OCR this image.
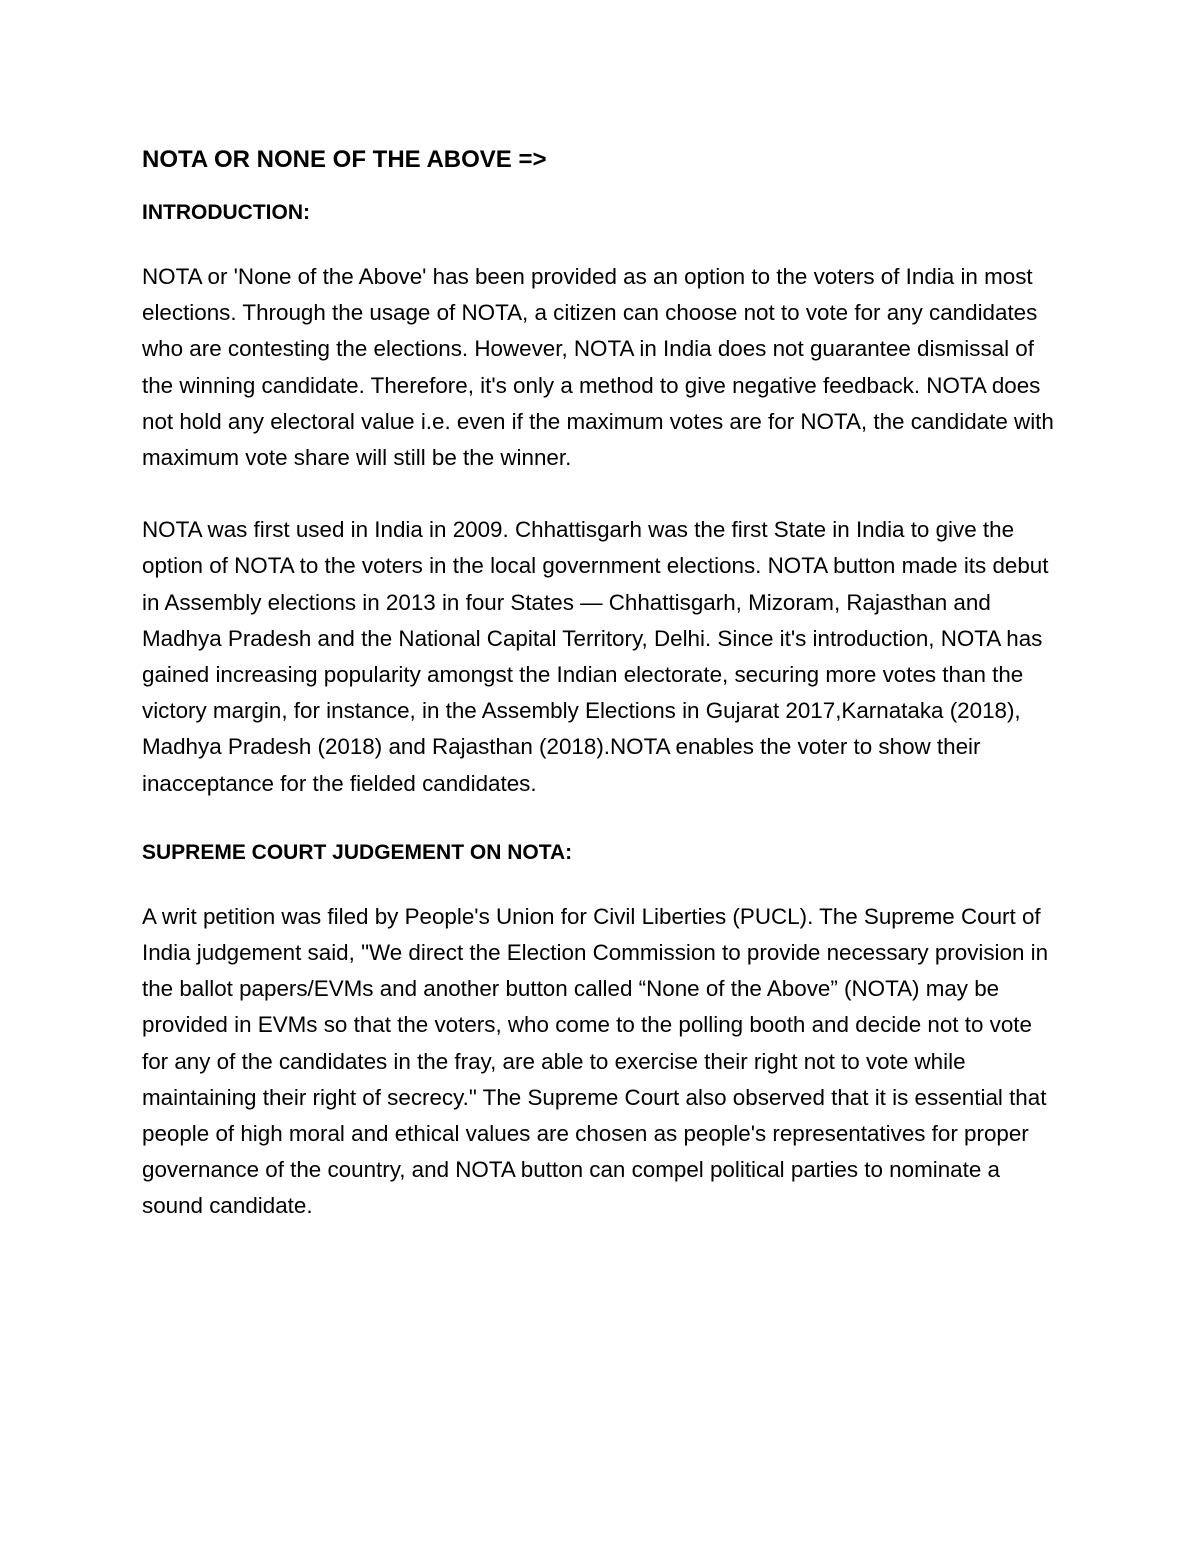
NOTA OR NONE OF THE ABOVE =>
INTRODUCTION:

NOTA or 'None of the Above' has been provided as an option to the voters of India in most elections. Through the usage of NOTA, a citizen can choose not to vote for any candidates who are contesting the elections. However, NOTA in India does not guarantee dismissal of the winning candidate. Therefore, it's only a method to give negative feedback. NOTA does not hold any electoral value i.e. even if the maximum votes are for NOTA, the candidate with maximum vote share will still be the winner.

NOTA was first used in India in 2009. Chhattisgarh was the first State in India to give the option of NOTA to the voters in the local government elections. NOTA button made its debut in Assembly elections in 2013 in four States — Chhattisgarh, Mizoram, Rajasthan and Madhya Pradesh and the National Capital Territory, Delhi. Since it's introduction, NOTA has gained increasing popularity amongst the Indian electorate, securing more votes than the victory margin, for instance, in the Assembly Elections in Gujarat 2017,Karnataka (2018), Madhya Pradesh (2018) and Rajasthan (2018).NOTA enables the voter to show their inacceptance for the fielded candidates.

SUPREME COURT JUDGEMENT ON NOTA:

A writ petition was filed by People's Union for Civil Liberties (PUCL). The Supreme Court of India judgement said, "We direct the Election Commission to provide necessary provision in the ballot papers/EVMs and another button called “None of the Above” (NOTA) may be provided in EVMs so that the voters, who come to the polling booth and decide not to vote for any of the candidates in the fray, are able to exercise their right not to vote while maintaining their right of secrecy." The Supreme Court also observed that it is essential that people of high moral and ethical values are chosen as people's representatives for proper governance of the country, and NOTA button can compel political parties to nominate a sound candidate.
